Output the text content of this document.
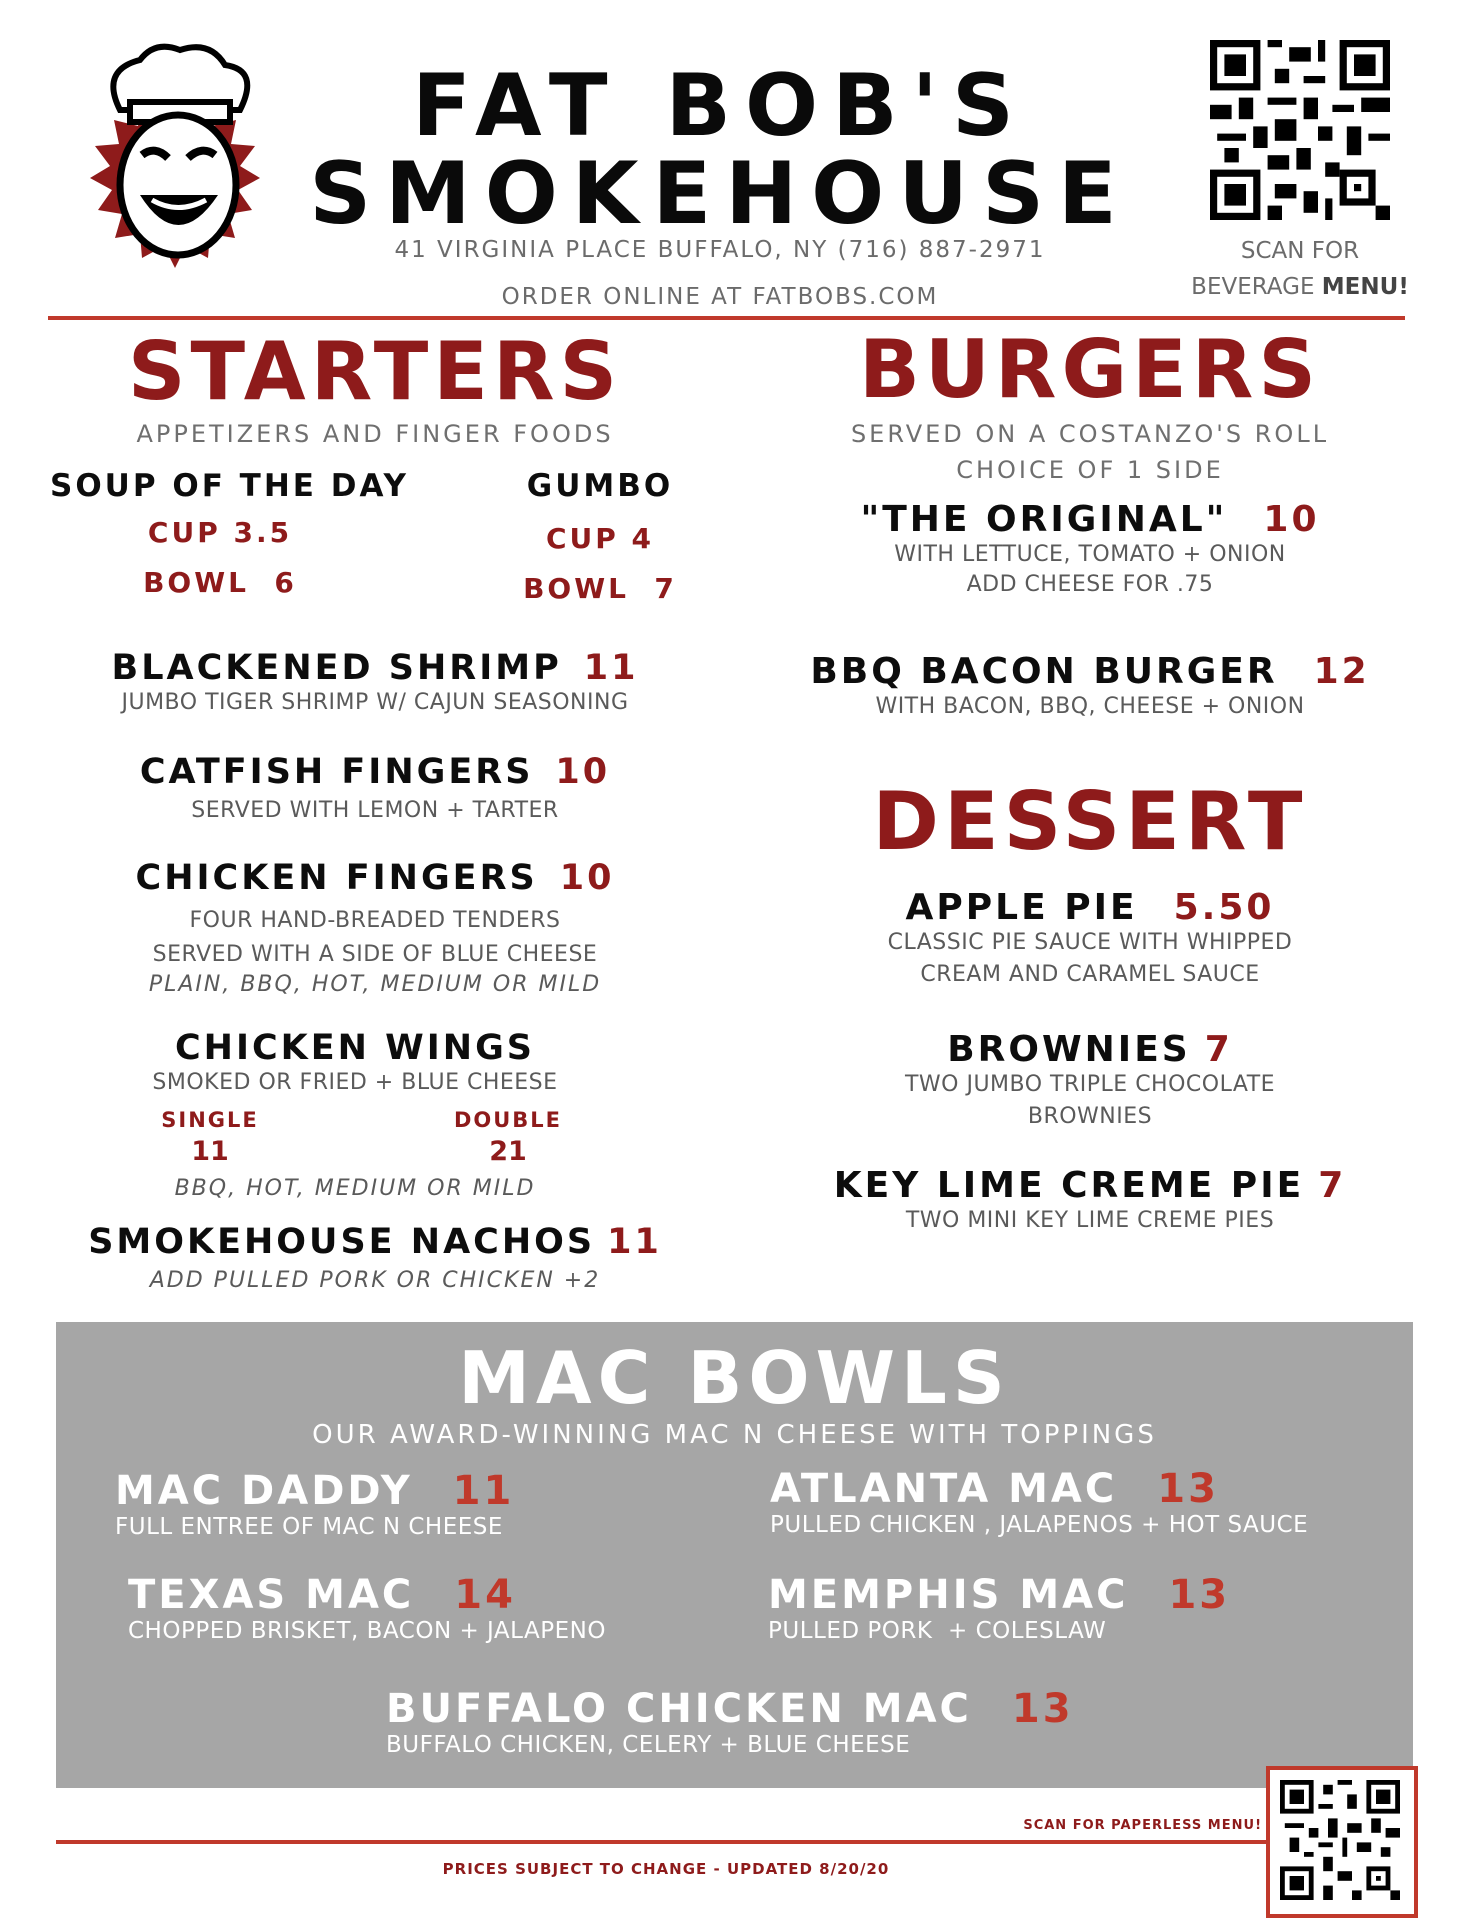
FAT BOB'S
SMOKEHOUSE
41 VIRGINIA PLACE BUFFALO, NY (716) 887-2971
ORDER ONLINE AT FATBOBS.COM
SCAN FOR
BEVERAGE MENU!
STARTERS
APPETIZERS AND FINGER FOODS
SOUP OF THE DAY
CUP 3.5
BOWL  6
GUMBO
CUP 4
BOWL  7
BLACKENED SHRIMP 11
JUMBO TIGER SHRIMP W/ CAJUN SEASONING
CATFISH FINGERS 10
SERVED WITH LEMON + TARTER
CHICKEN FINGERS 10
FOUR HAND-BREADED TENDERS
SERVED WITH A SIDE OF BLUE CHEESE
PLAIN, BBQ, HOT, MEDIUM OR MILD
CHICKEN WINGS
SMOKED OR FRIED + BLUE CHEESE
SINGLE
11
DOUBLE
21
BBQ, HOT, MEDIUM OR MILD
SMOKEHOUSE NACHOS 11
ADD PULLED PORK OR CHICKEN +2
BURGERS
SERVED ON A COSTANZO'S ROLL
CHOICE OF 1 SIDE
"THE ORIGINAL" 10
WITH LETTUCE, TOMATO + ONION
ADD CHEESE FOR .75
BBQ BACON BURGER 12
WITH BACON, BBQ, CHEESE + ONION
DESSERT
APPLE PIE 5.50
CLASSIC PIE SAUCE WITH WHIPPED
CREAM AND CARAMEL SAUCE
BROWNIES 7
TWO JUMBO TRIPLE CHOCOLATE
BROWNIES
KEY LIME CREME PIE 7
TWO MINI KEY LIME CREME PIES
MAC BOWLS
OUR AWARD-WINNING MAC N CHEESE WITH TOPPINGS
MAC DADDY 11
FULL ENTREE OF MAC N CHEESE
ATLANTA MAC 13
PULLED CHICKEN , JALAPENOS + HOT SAUCE
TEXAS MAC 14
CHOPPED BRISKET, BACON + JALAPENO
MEMPHIS MAC 13
PULLED PORK  + COLESLAW
BUFFALO CHICKEN MAC 13
BUFFALO CHICKEN, CELERY + BLUE CHEESE
SCAN FOR PAPERLESS MENU!
PRICES SUBJECT TO CHANGE - UPDATED 8/20/20
